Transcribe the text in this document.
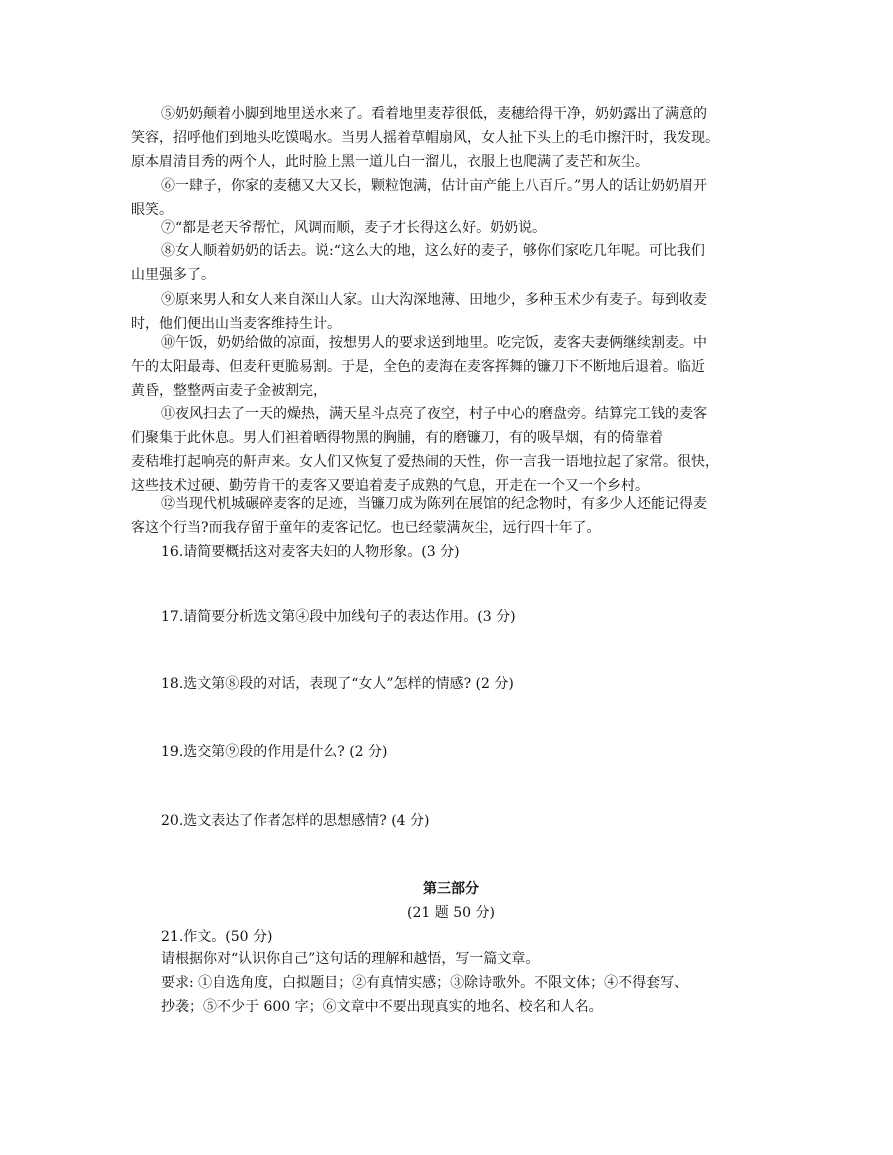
⑤奶奶颠着小脚到地里送水来了。看着地里麦荐很低，麦穗给得干净，奶奶露出了满意的
笑容，招呼他们到地头吃馍喝水。当男人摇着草帽扇风，女人扯下头上的毛巾擦汗时，我发现。
原本眉清目秀的两个人，此时脸上黑一道儿白一溜儿，衣服上也爬满了麦芒和灰尘。
⑥一肆子，你家的麦穗又大又长，颗粒饱满，估计亩产能上八百斤。”男人的话让奶奶眉开
眼笑。
⑦“都是老天爷帮忙，风调而顺，麦子才长得这么好。奶奶说。
⑧女人顺着奶奶的话去。说:“这么大的地，这么好的麦子，够你们家吃几年呢。可比我们
山里强多了。
⑨原来男人和女人来自深山人家。山大沟深地薄、田地少，多种玉术少有麦子。每到收麦
时，他们便出山当麦客维持生计。
⑩午饭，奶奶给做的凉面，按想男人的要求送到地里。吃完饭，麦客夫妻俩继续割麦。中
午的太阳最毒、但麦秆更脆易割。于是，全色的麦海在麦客挥舞的镰刀下不断地后退着。临近
黄昏，整整两亩麦子金被割完，
⑪夜风扫去了一天的燥热，满天星斗点亮了夜空，村子中心的磨盘旁。结算完工钱的麦客
们聚集于此休息。男人们袒着晒得物黑的胸脯，有的磨镰刀，有的吸旱烟，有的倚靠着
麦秸堆打起响亮的鼾声来。女人们又恢复了爱热闹的天性，你一言我一语地拉起了家常。很快，
这些技术过硬、勤劳肯干的麦客又要追着麦子成熟的气息，开走在一个又一个乡村。
⑫当现代机城碾碎麦客的足迹，当镰刀成为陈列在展馆的纪念物时，有多少人还能记得麦
客这个行当?而我存留于童年的麦客记忆。也已经蒙满灰尘，远行四十年了。
16.请简要概括这对麦客夫妇的人物形象。(3 分)
17.请简要分析选文第④段中加线句子的表达作用。(3 分)
18.选文第⑧段的对话，表现了“女人”怎样的情感? (2 分)
19.选交第⑨段的作用是什么? (2 分)
20.选文表达了作者怎样的思想感情? (4 分)
第三部分
(21 题 50 分)
21.作文。(50 分)
请根据你对“认识你自己”这句话的理解和越悟，写一篇文章。
要求: ①自选角度，白拟题目；②有真情实感；③除诗歌外。不限文体；④不得套写、
抄袭；⑤不少于 600 字；⑥文章中不要出现真实的地名、校名和人名。
